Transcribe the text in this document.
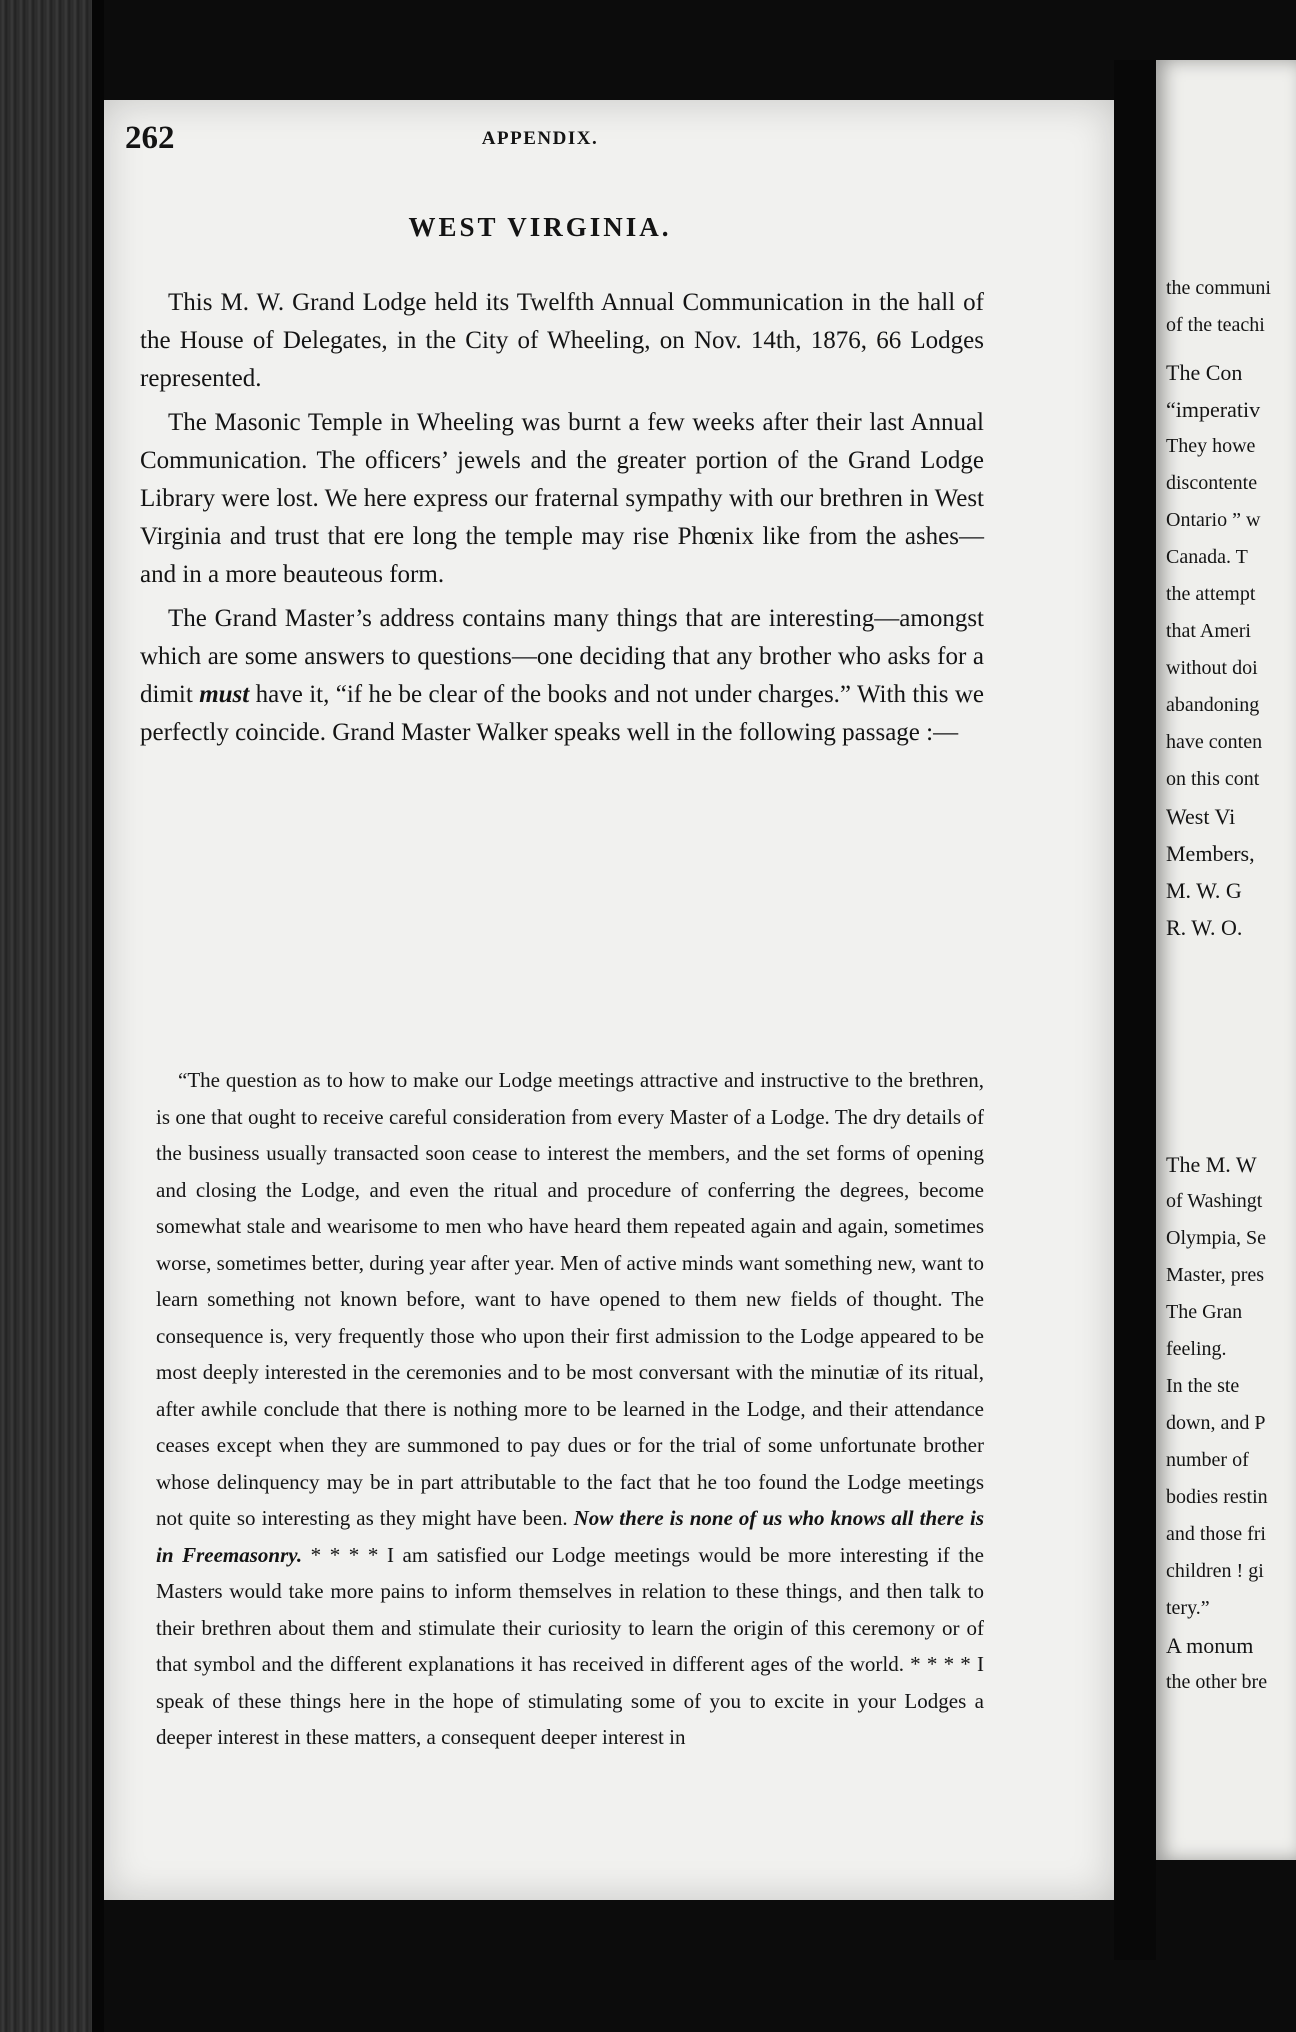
262	APPENDIX.
WEST VIRGINIA.

This M. W. Grand Lodge held its Twelfth Annual Communication in the hall of the House of Delegates, in the City of Wheeling, on Nov. 14th, 1876, 66 Lodges represented.

The Masonic Temple in Wheeling was burnt a few weeks after their last Annual Communication. The officers’ jewels and the greater portion of the Grand Lodge Library were lost. We here express our fraternal sympathy with our brethren in West Virginia and trust that ere long the temple may rise Phœnix like from the ashes—and in a more beauteous form.

The Grand Master’s address contains many things that are interesting—amongst which are some answers to questions—one deciding that any brother who asks for a dimit must have it, “if he be clear of the books and not under charges.” With this we perfectly coincide. Grand Master Walker speaks well in the following passage :—

“The question as to how to make our Lodge meetings attractive and instructive to the brethren, is one that ought to receive careful consideration from every Master of a Lodge. The dry details of the business usually transacted soon cease to interest the members, and the set forms of opening and closing the Lodge, and even the ritual and procedure of conferring the degrees, become somewhat stale and wearisome to men who have heard them repeated again and again, sometimes worse, sometimes better, during year after year. Men of active minds want something new, want to learn something not known before, want to have opened to them new fields of thought. The consequence is, very frequently those who upon their first admission to the Lodge appeared to be most deeply interested in the ceremonies and to be most conversant with the minutiæ of its ritual, after awhile conclude that there is nothing more to be learned in the Lodge, and their attendance ceases except when they are summoned to pay dues or for the trial of some unfortunate brother whose delinquency may be in part attributable to the fact that he too found the Lodge meetings not quite so interesting as they might have been. Now there is none of us who knows all there is in Freemasonry. * * * * I am satisfied our Lodge meetings would be more interesting if the Masters would take more pains to inform themselves in relation to these things, and then talk to their brethren about them and stimulate their curiosity to learn the origin of this ceremony or of that symbol and the different explanations it has received in different ages of the world. * * * * I speak of these things here in the hope of stimulating some of you to excite in your Lodges a deeper interest in these matters, a consequent deeper interest in

the communi
of the teachi
The Con
“imperativ
They howe
discontente
Ontario ” w
Canada. T
the attempt
that Ameri
without doi
abandoning
have conten
on this cont
West Vi
Members,
M. W. G
R. W. O.
The M. W
of Washingt
Olympia, Se
Master, pres
The Gran
feeling.
In the ste
down, and P
number of
bodies restin
and those fri
children ! gi
tery.”
A monum
the other bre
